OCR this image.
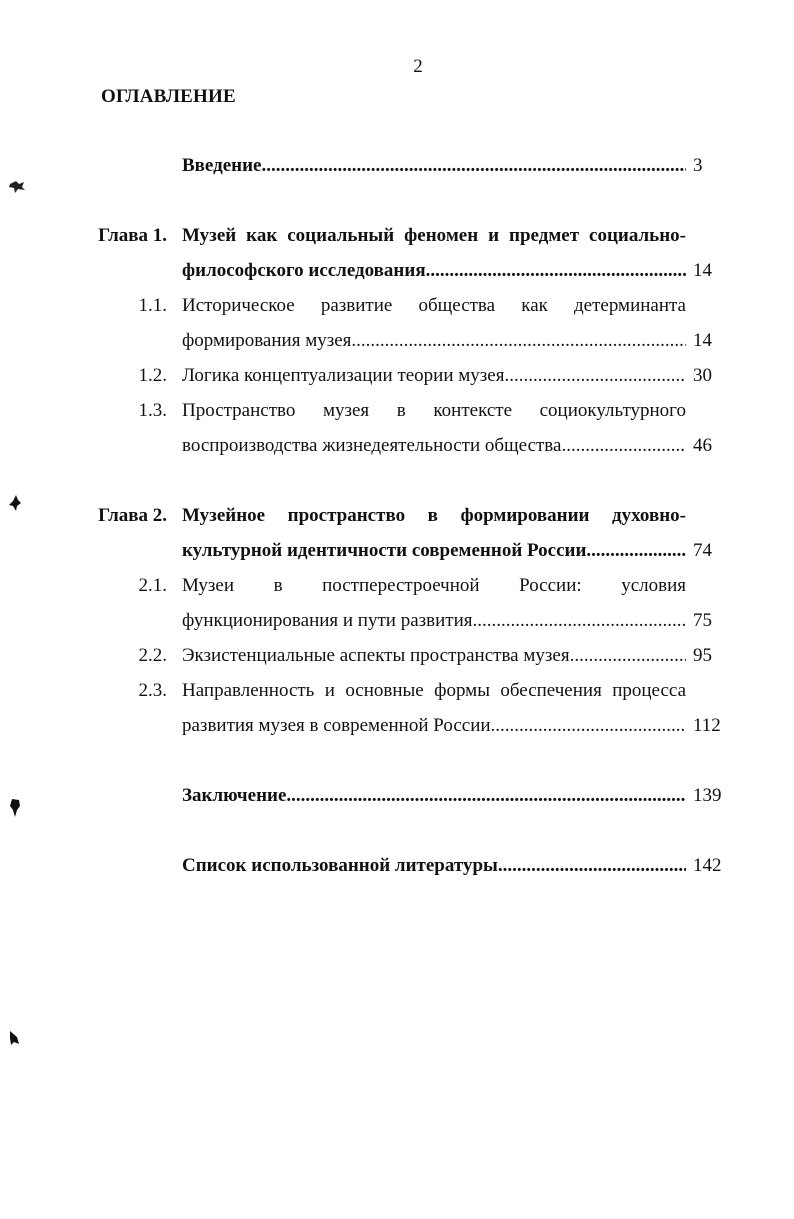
2
ОГЛАВЛЕНИЕ
Введение .....	3
Глава 1. Музей как социальный феномен и предмет социально-
философского исследования .....	14
1.1. Историческое развитие общества как детерминанта
формирования музея .....	14
1.2. Логика концептуализации теории музея .....	30
1.3. Пространство музея в контексте социокультурного
воспроизводства жизнедеятельности общества .....	46
Глава 2. Музейное пространство в формировании духовно-
культурной идентичности современной России .....	74
2.1. Музеи в постперестроечной России: условия
функционирования и пути развития .....	75
2.2. Экзистенциальные аспекты пространства музея .....	95
2.3. Направленность и основные формы обеспечения процесса
развития музея в современной России .....	112
Заключение .....	139
Список использованной литературы .....	142
